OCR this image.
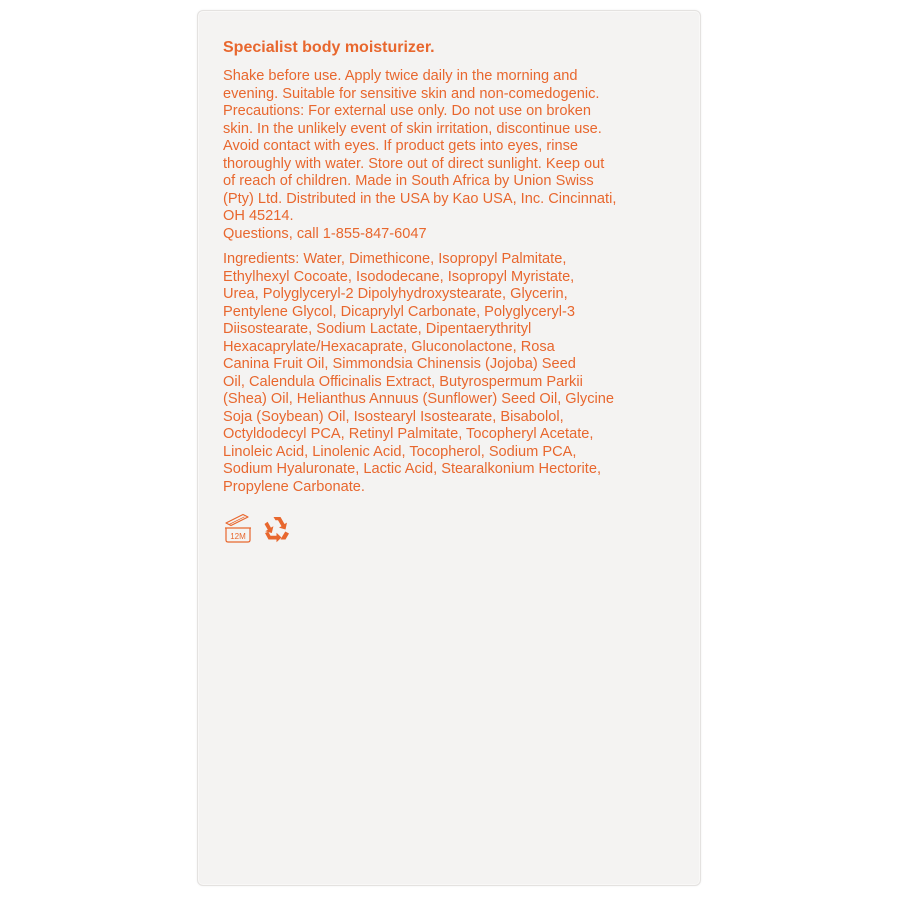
Specialist body moisturizer.

Shake before use. Apply twice daily in the morning and
evening. Suitable for sensitive skin and non-comedogenic.
Precautions: For external use only. Do not use on broken
skin. In the unlikely event of skin irritation, discontinue use.
Avoid contact with eyes. If product gets into eyes, rinse
thoroughly with water. Store out of direct sunlight. Keep out
of reach of children. Made in South Africa by Union Swiss
(Pty) Ltd. Distributed in the USA by Kao USA, Inc. Cincinnati,
OH 45214.
Questions, call 1-855-847-6047

Ingredients: Water, Dimethicone, Isopropyl Palmitate,
Ethylhexyl Cocoate, Isododecane, Isopropyl Myristate,
Urea, Polyglyceryl-2 Dipolyhydroxystearate, Glycerin,
Pentylene Glycol, Dicaprylyl Carbonate, Polyglyceryl-3
Diisostearate, Sodium Lactate, Dipentaerythrityl
Hexacaprylate/Hexacaprate, Gluconolactone, Rosa
Canina Fruit Oil, Simmondsia Chinensis (Jojoba) Seed
Oil, Calendula Officinalis Extract, Butyrospermum Parkii
(Shea) Oil, Helianthus Annuus (Sunflower) Seed Oil, Glycine
Soja (Soybean) Oil, Isostearyl Isostearate, Bisabolol,
Octyldodecyl PCA, Retinyl Palmitate, Tocopheryl Acetate,
Linoleic Acid, Linolenic Acid, Tocopherol, Sodium PCA,
Sodium Hyaluronate, Lactic Acid, Stearalkonium Hectorite,
Propylene Carbonate.

12M
